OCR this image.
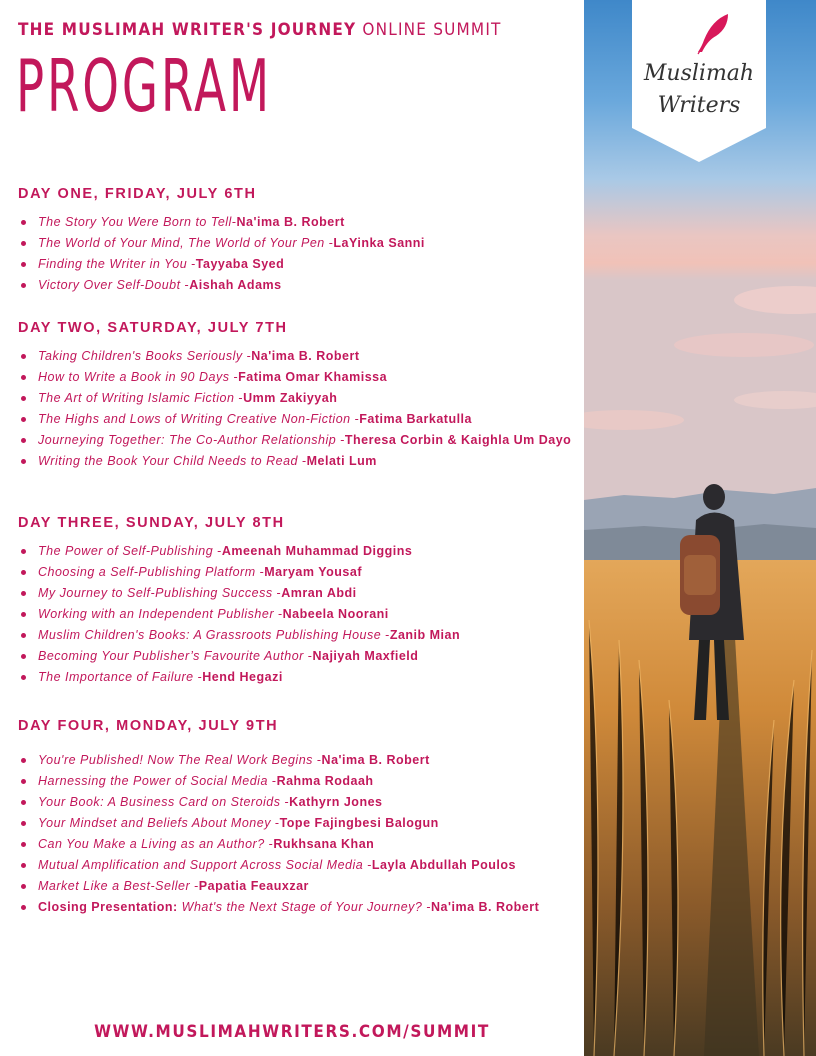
THE MUSLIMAH WRITER'S JOURNEY ONLINE SUMMIT
PROGRAM
DAY ONE, FRIDAY, JULY 6TH
The Story You Were Born to Tell-Na'ima B. Robert
The World of Your Mind, The World of Your Pen -LaYinka Sanni
Finding the Writer in You -Tayyaba Syed
Victory Over Self-Doubt -Aishah Adams
DAY TWO, SATURDAY, JULY 7TH
Taking Children's Books Seriously -Na'ima B. Robert
How to Write a Book in 90 Days -Fatima Omar Khamissa
The Art of Writing Islamic Fiction -Umm Zakiyyah
The Highs and Lows of Writing Creative Non-Fiction -Fatima Barkatulla
Journeying Together: The Co-Author Relationship -Theresa Corbin & Kaighla Um Dayo
Writing the Book Your Child Needs to Read -Melati Lum
DAY THREE, SUNDAY, JULY 8TH
The Power of Self-Publishing -Ameenah Muhammad Diggins
Choosing a Self-Publishing Platform -Maryam Yousaf
My Journey to Self-Publishing Success -Amran Abdi
Working with an Independent Publisher -Nabeela Noorani
Muslim Children's Books: A Grassroots Publishing House -Zanib Mian
Becoming Your Publisher’s Favourite Author -Najiyah Maxfield
The Importance of Failure -Hend Hegazi
DAY FOUR, MONDAY, JULY 9TH
You're Published! Now The Real Work Begins -Na'ima B. Robert
Harnessing the Power of Social Media -Rahma Rodaah
Your Book: A Business Card on Steroids -Kathyrn Jones
Your Mindset and Beliefs About Money -Tope Fajingbesi Balogun
Can You Make a Living as an Author? -Rukhsana Khan
Mutual Amplification and Support Across Social Media -Layla Abdullah Poulos
Market Like a Best-Seller -Papatia Feauxzar
Closing Presentation: What's the Next Stage of Your Journey? -Na'ima B. Robert
WWW.MUSLIMAHWRITERS.COM/SUMMIT
Muslimah
Writers
